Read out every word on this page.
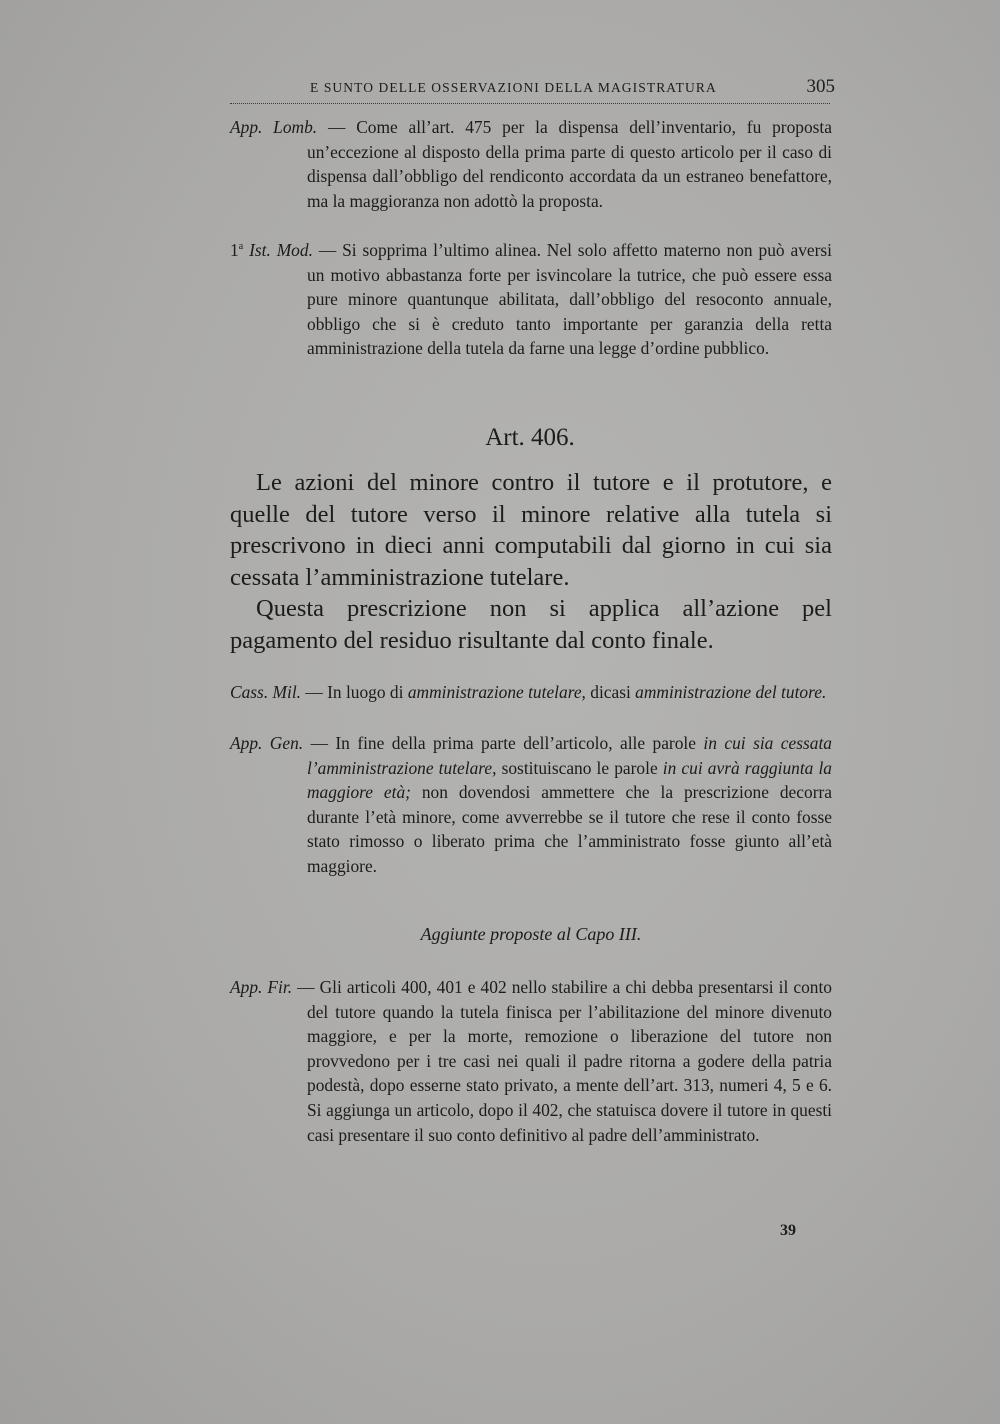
E SUNTO DELLE OSSERVAZIONI DELLA MAGISTRATURA	305

App. Lomb. — Come all’art. 475 per la dispensa dell’inventario, fu proposta un’eccezione al disposto della prima parte di questo articolo per il caso di dispensa dall’obbligo del rendiconto accordata da un estraneo benefattore, ma la maggioranza non adottò la proposta.

1$^a$ Ist. Mod. — Si sopprima l’ultimo alinea. Nel solo affetto materno non può aversi un motivo abbastanza forte per isvincolare la tutrice, che può essere essa pure minore quantunque abilitata, dall’obbligo del resoconto annuale, obbligo che si è creduto tanto importante per garanzia della retta amministrazione della tutela da farne una legge d’ordine pubblico.

Art. 406.

Le azioni del minore contro il tutore e il protutore, e quelle del tutore verso il minore relative alla tutela si prescrivono in dieci anni computabili dal giorno in cui sia cessata l’amministrazione tutelare.

Questa prescrizione non si applica all’azione pel pagamento del residuo risultante dal conto finale.

Cass. Mil. — In luogo di amministrazione tutelare, dicasi amministrazione del tutore.

App. Gen. — In fine della prima parte dell’articolo, alle parole in cui sia cessata l’amministrazione tutelare, sostituiscano le parole in cui avrà raggiunta la maggiore età; non dovendosi ammettere che la prescrizione decorra durante l’età minore, come avverrebbe se il tutore che rese il conto fosse stato rimosso o liberato prima che l’amministrato fosse giunto all’età maggiore.

Aggiunte proposte al Capo III.

App. Fir. — Gli articoli 400, 401 e 402 nello stabilire a chi debba presentarsi il conto del tutore quando la tutela finisca per l’abilitazione del minore divenuto maggiore, e per la morte, remozione o liberazione del tutore non provvedono per i tre casi nei quali il padre ritorna a godere della patria podestà, dopo esserne stato privato, a mente dell’art. 313, numeri 4, 5 e 6. Si aggiunga un articolo, dopo il 402, che statuisca dovere il tutore in questi casi presentare il suo conto definitivo al padre dell’amministrato.

39
